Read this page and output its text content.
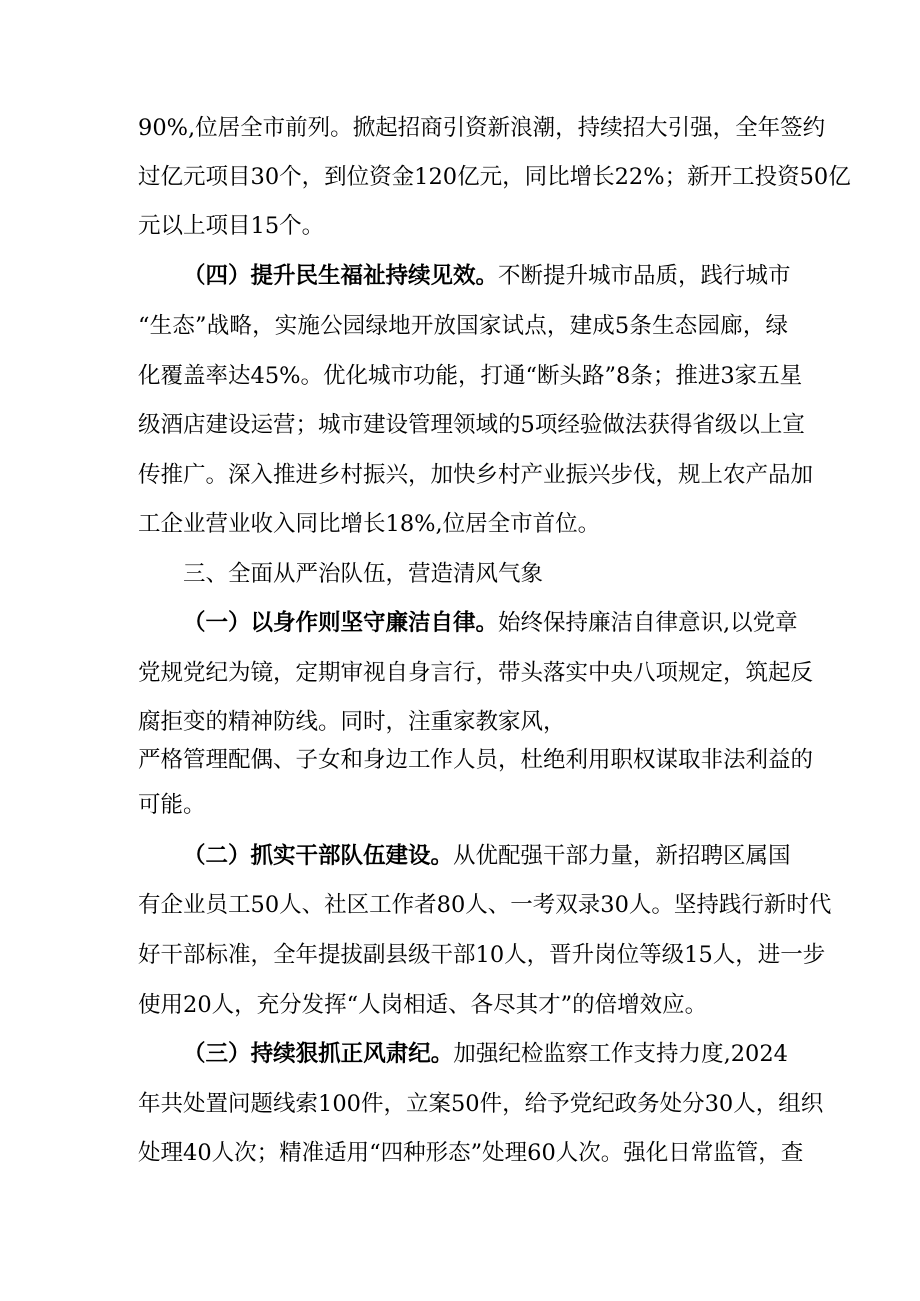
90%,位居全市前列。掀起招商引资新浪潮，持续招大引强，全年签约
过亿元项目30个，到位资金120亿元，同比增长22%；新开工投资50亿
元以上项目15个。
（四）提升民生福祉持续见效。不断提升城市品质，践行城市
“生态”战略，实施公园绿地开放国家试点，建成5条生态园廊，绿
化覆盖率达45%。优化城市功能，打通“断头路”8条；推进3家五星
级酒店建设运营；城市建设管理领域的5项经验做法获得省级以上宣
传推广。深入推进乡村振兴，加快乡村产业振兴步伐，规上农产品加
工企业营业收入同比增长18%,位居全市首位。
三、全面从严治队伍，营造清风气象
（一）以身作则坚守廉洁自律。始终保持廉洁自律意识,以党章
党规党纪为镜，定期审视自身言行，带头落实中央八项规定，筑起反
腐拒变的精神防线。同时，注重家教家风，
严格管理配偶、子女和身边工作人员，杜绝利用职权谋取非法利益的
可能。
（二）抓实干部队伍建设。从优配强干部力量，新招聘区属国
有企业员工50人、社区工作者80人、一考双录30人。坚持践行新时代
好干部标准，全年提拔副县级干部10人，晋升岗位等级15人，进一步
使用20人，充分发挥“人岗相适、各尽其才”的倍增效应。
（三）持续狠抓正风肃纪。加强纪检监察工作支持力度,2024
年共处置问题线索100件，立案50件，给予党纪政务处分30人，组织
处理40人次；精准适用“四种形态”处理60人次。强化日常监管，查
